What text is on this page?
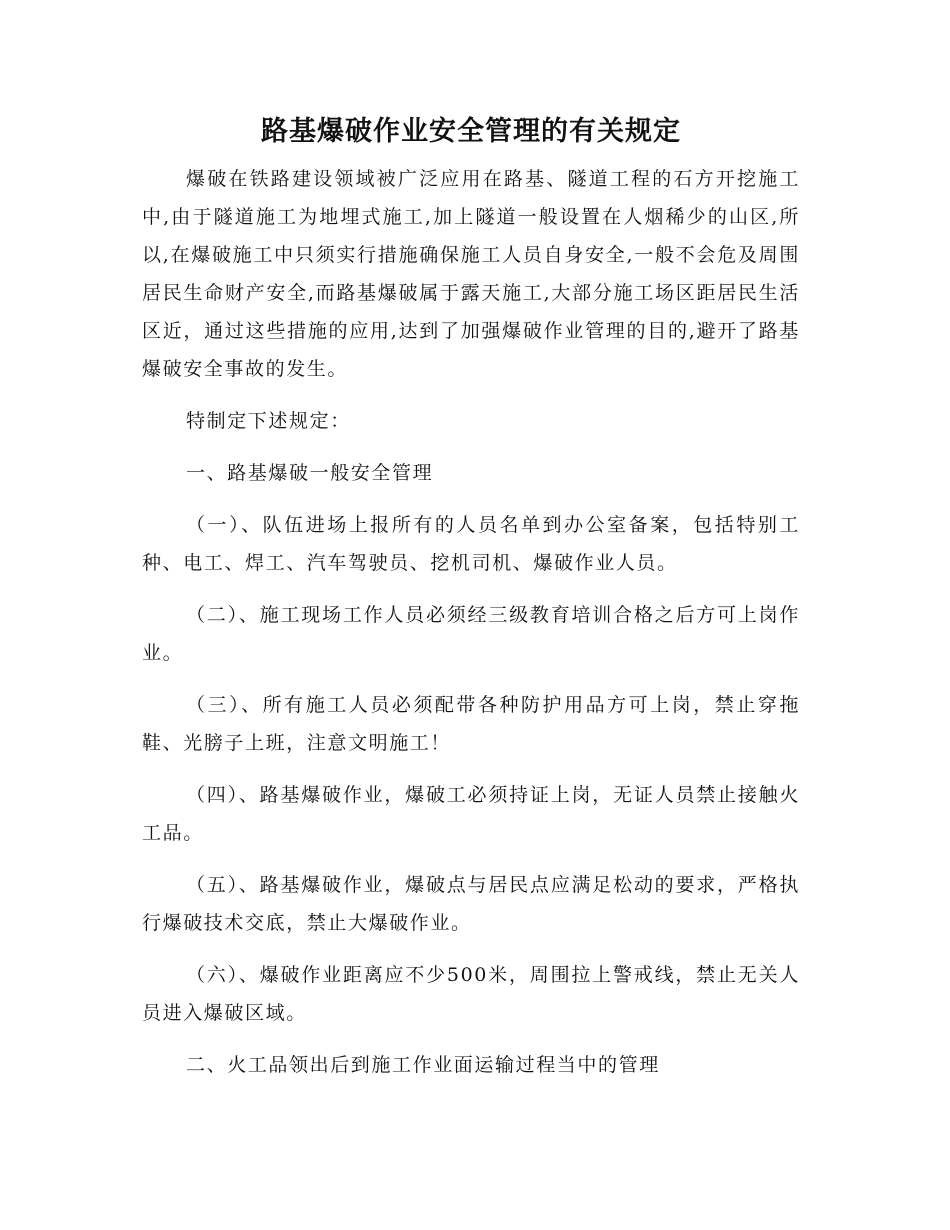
路基爆破作业安全管理的有关规定

爆破在铁路建设领域被广泛应用在路基、隧道工程的石方开挖施工中,由于隧道施工为地埋式施工,加上隧道一般设置在人烟稀少的山区,所以,在爆破施工中只须实行措施确保施工人员自身安全,一般不会危及周围居民生命财产安全,而路基爆破属于露天施工,大部分施工场区距居民生活区近，通过这些措施的应用,达到了加强爆破作业管理的目的,避开了路基爆破安全事故的发生。

特制定下述规定：

一、路基爆破一般安全管理

（一）、队伍进场上报所有的人员名单到办公室备案，包括特别工种、电工、焊工、汽车驾驶员、挖机司机、爆破作业人员。

（二）、施工现场工作人员必须经三级教育培训合格之后方可上岗作业。

（三）、所有施工人员必须配带各种防护用品方可上岗，禁止穿拖鞋、光膀子上班，注意文明施工！

（四）、路基爆破作业，爆破工必须持证上岗，无证人员禁止接触火工品。

（五）、路基爆破作业，爆破点与居民点应满足松动的要求，严格执行爆破技术交底，禁止大爆破作业。

（六）、爆破作业距离应不少500米，周围拉上警戒线，禁止无关人员进入爆破区域。

二、火工品领出后到施工作业面运输过程当中的管理
